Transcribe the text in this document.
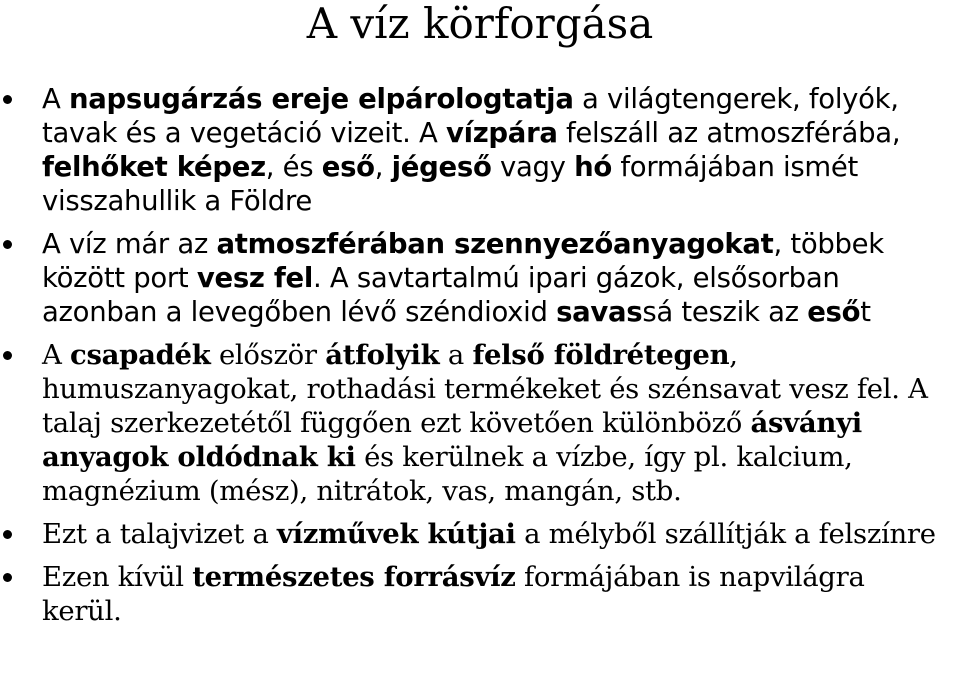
A víz körforgása
A napsugárzás ereje elpárologtatja a világtengerek, folyók, tavak és a vegetáció vizeit. A vízpára felszáll az atmoszférába, felhőket képez, és eső, jégeső vagy hó formájában ismét visszahullik a Földre
A víz már az atmoszférában szennyezőanyagokat, többek között port vesz fel. A savtartalmú ipari gázok, elsősorban azonban a levegőben lévő széndioxid savassá teszik az esőt
A csapadék először átfolyik a felső földrétegen, humuszanyagokat, rothadási termékeket és szénsavat vesz fel. A talaj szerkezetétől függően ezt követően különböző ásványi anyagok oldódnak ki és kerülnek a vízbe, így pl. kalcium, magnézium (mész), nitrátok, vas, mangán, stb.
Ezt a talajvizet a vízművek kútjai a mélyből szállítják a felszínre
Ezen kívül természetes forrásvíz formájában is napvilágra kerül.
